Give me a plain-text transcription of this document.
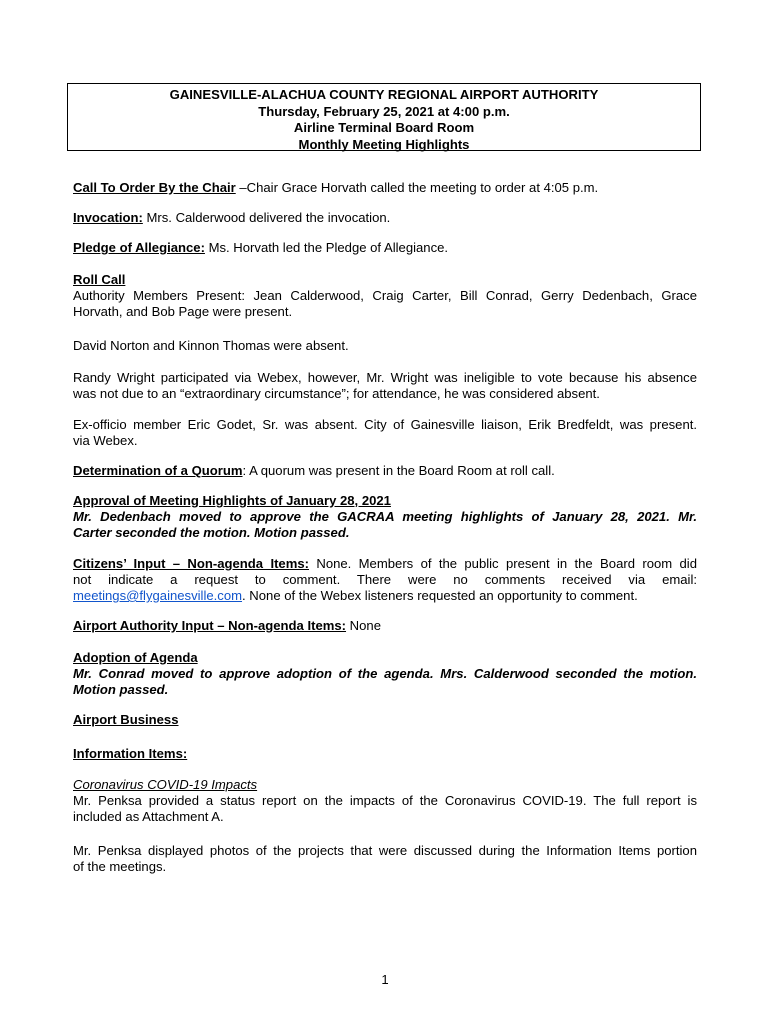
GAINESVILLE-ALACHUA COUNTY REGIONAL AIRPORT AUTHORITY
Thursday, February 25, 2021 at 4:00 p.m.
Airline Terminal Board Room
Monthly Meeting Highlights
Call To Order By the Chair –Chair Grace Horvath called the meeting to order at 4:05 p.m.
Invocation: Mrs. Calderwood delivered the invocation.
Pledge of Allegiance: Ms. Horvath led the Pledge of Allegiance.
Roll Call
Authority Members Present: Jean Calderwood, Craig Carter, Bill Conrad, Gerry Dedenbach, Grace
Horvath, and Bob Page were present.
David Norton and Kinnon Thomas were absent.
Randy Wright participated via Webex, however, Mr. Wright was ineligible to vote because his absence
was not due to an “extraordinary circumstance”; for attendance, he was considered absent.
Ex-officio member Eric Godet, Sr. was absent. City of Gainesville liaison, Erik Bredfeldt, was present.
via Webex.
Determination of a Quorum: A quorum was present in the Board Room at roll call.
Approval of Meeting Highlights of January 28, 2021
Mr. Dedenbach moved to approve the GACRAA meeting highlights of January 28, 2021. Mr.
Carter seconded the motion. Motion passed.
Citizens’ Input – Non-agenda Items: None. Members of the public present in the Board room did
not indicate a request to comment. There were no comments received via email:
meetings@flygainesville.com. None of the Webex listeners requested an opportunity to comment.
Airport Authority Input – Non-agenda Items: None
Adoption of Agenda
Mr. Conrad moved to approve adoption of the agenda. Mrs. Calderwood seconded the motion.
Motion passed.
Airport Business
Information Items:
Coronavirus COVID-19 Impacts
Mr. Penksa provided a status report on the impacts of the Coronavirus COVID-19. The full report is
included as Attachment A.
Mr. Penksa displayed photos of the projects that were discussed during the Information Items portion
of the meetings.
1
